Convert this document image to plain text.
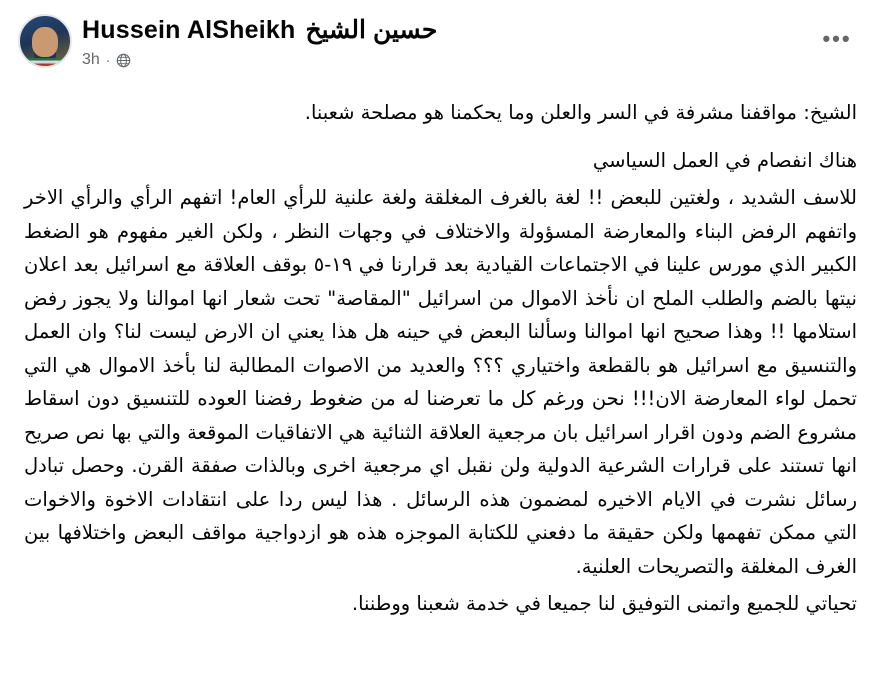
Hussein AlSheikh حسين الشيخ
3h ·
•••

الشيخ: مواقفنا مشرفة في السر والعلن وما يحكمنا هو مصلحة شعبنا.

هناك انفصام في العمل السياسي

للاسف الشديد ، ولغتين للبعض !! لغة بالغرف المغلقة ولغة علنية للرأي العام! اتفهم الرأي والرأي الاخر واتفهم الرفض البناء والمعارضة المسؤولة والاختلاف في وجهات النظر ، ولكن الغير مفهوم هو الضغط الكبير الذي مورس علينا في الاجتماعات القيادية بعد قرارنا في ١٩-٥ بوقف العلاقة مع اسرائيل بعد اعلان نيتها بالضم والطلب الملح ان نأخذ الاموال من اسرائيل "المقاصة" تحت شعار انها اموالنا ولا يجوز رفض استلامها !! وهذا صحيح انها اموالنا وسألنا البعض في حينه هل هذا يعني ان الارض ليست لنا؟ وان العمل والتنسيق مع اسرائيل هو بالقطعة واختياري ؟؟؟ والعديد من الاصوات المطالبة لنا بأخذ الاموال هي التي تحمل لواء المعارضة الان!!! نحن ورغم كل ما تعرضنا له من ضغوط رفضنا العوده للتنسيق دون اسقاط مشروع الضم ودون اقرار اسرائيل بان مرجعية العلاقة الثنائية هي الاتفاقيات الموقعة والتي بها نص صريح انها تستند على قرارات الشرعية الدولية ولن نقبل اي مرجعية اخرى وبالذات صفقة القرن. وحصل تبادل رسائل نشرت في الايام الاخيره لمضمون هذه الرسائل . هذا ليس ردا على انتقادات الاخوة والاخوات التي ممكن تفهمها ولكن حقيقة ما دفعني للكتابة الموجزه هذه هو ازدواجية مواقف البعض واختلافها بين الغرف المغلقة والتصريحات العلنية.

تحياتي للجميع واتمنى التوفيق لنا جميعا في خدمة شعبنا ووطننا.
